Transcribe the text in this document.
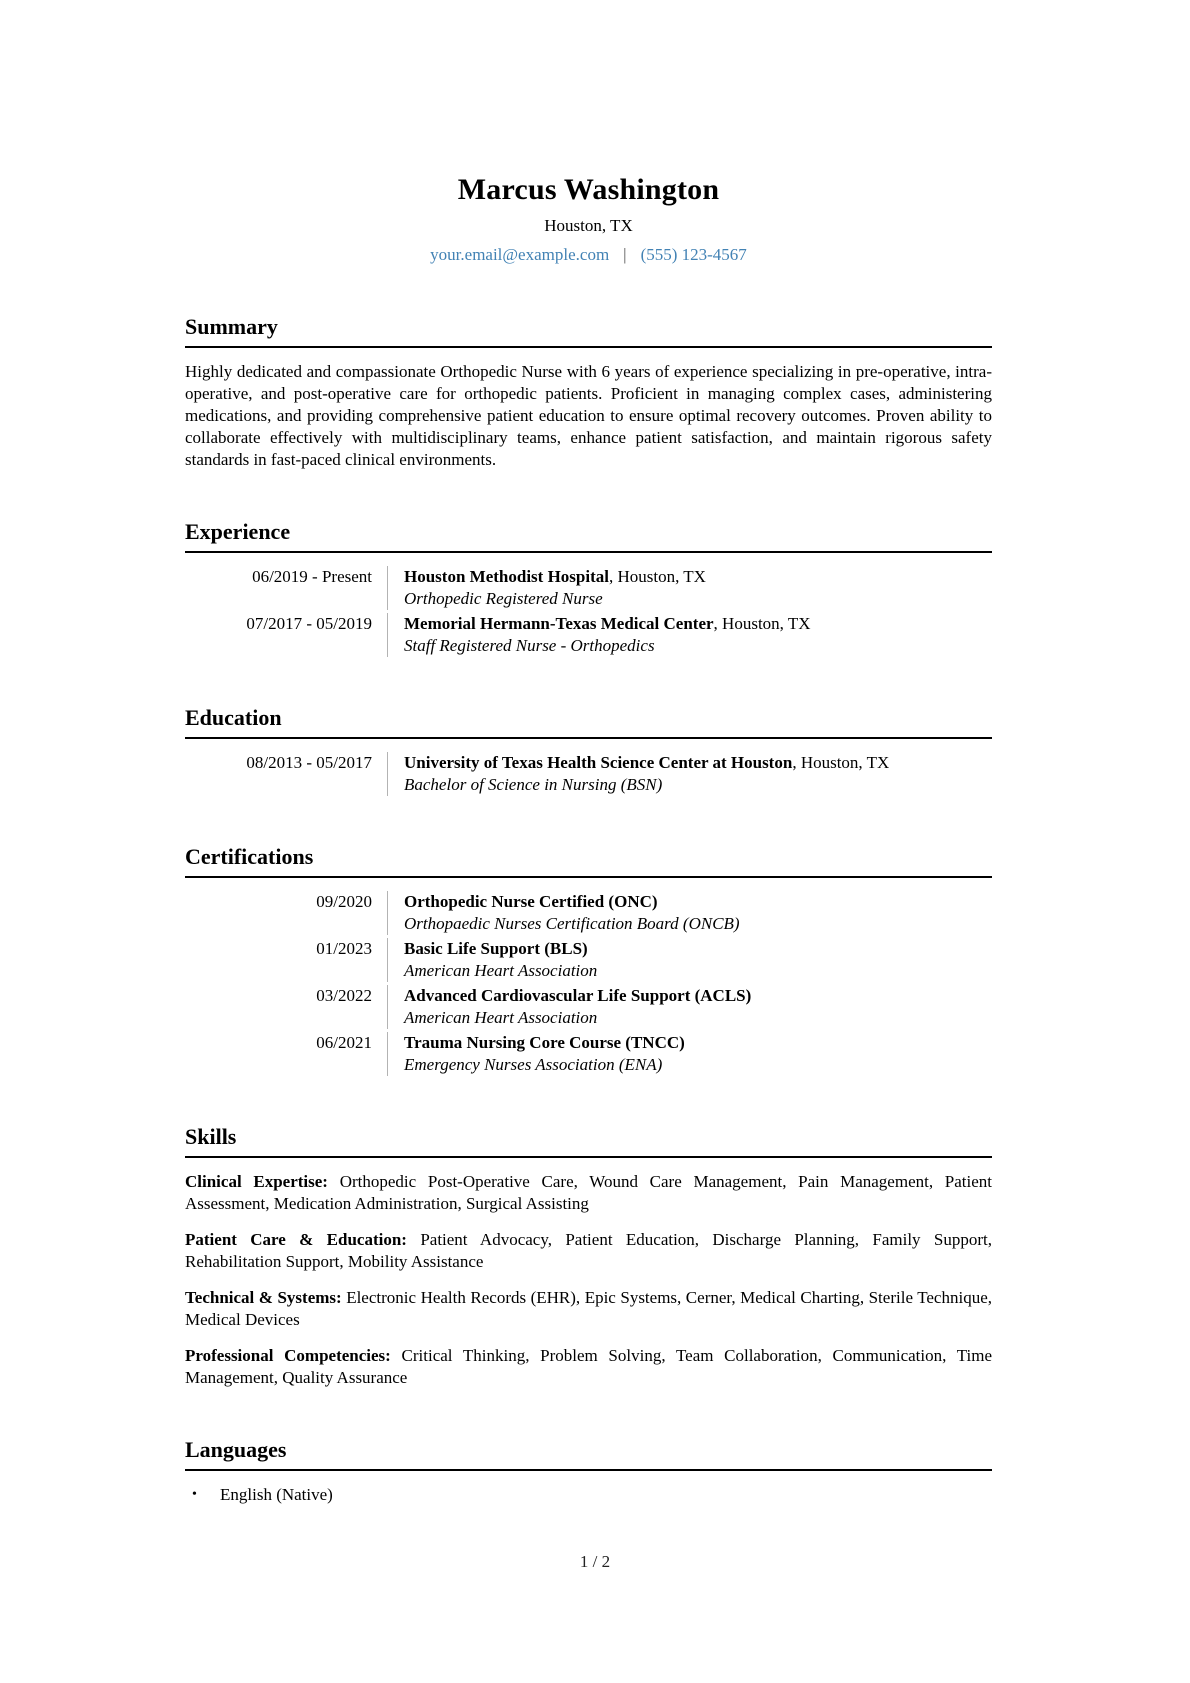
Marcus Washington
Houston, TX
your.email@example.com | (555) 123-4567
Summary
Highly dedicated and compassionate Orthopedic Nurse with 6 years of experience specializing in pre-operative, intra-operative, and post-operative care for orthopedic patients. Proficient in managing complex cases, administering medications, and providing comprehensive patient education to ensure optimal recovery outcomes. Proven ability to collaborate effectively with multidisciplinary teams, enhance patient satisfaction, and maintain rigorous safety standards in fast-paced clinical environments.
Experience
06/2019 - Present Houston Methodist Hospital, Houston, TX
Orthopedic Registered Nurse
07/2017 - 05/2019 Memorial Hermann-Texas Medical Center, Houston, TX
Staff Registered Nurse - Orthopedics
Education
08/2013 - 05/2017 University of Texas Health Science Center at Houston, Houston, TX
Bachelor of Science in Nursing (BSN)
Certifications
09/2020 Orthopedic Nurse Certified (ONC)
Orthopaedic Nurses Certification Board (ONCB)
01/2023 Basic Life Support (BLS)
American Heart Association
03/2022 Advanced Cardiovascular Life Support (ACLS)
American Heart Association
06/2021 Trauma Nursing Core Course (TNCC)
Emergency Nurses Association (ENA)
Skills
Clinical Expertise: Orthopedic Post-Operative Care, Wound Care Management, Pain Management, Patient Assessment, Medication Administration, Surgical Assisting
Patient Care & Education: Patient Advocacy, Patient Education, Discharge Planning, Family Support, Rehabilitation Support, Mobility Assistance
Technical & Systems: Electronic Health Records (EHR), Epic Systems, Cerner, Medical Charting, Sterile Technique, Medical Devices
Professional Competencies: Critical Thinking, Problem Solving, Team Collaboration, Communication, Time Management, Quality Assurance
Languages
•	English (Native)
1 / 2
